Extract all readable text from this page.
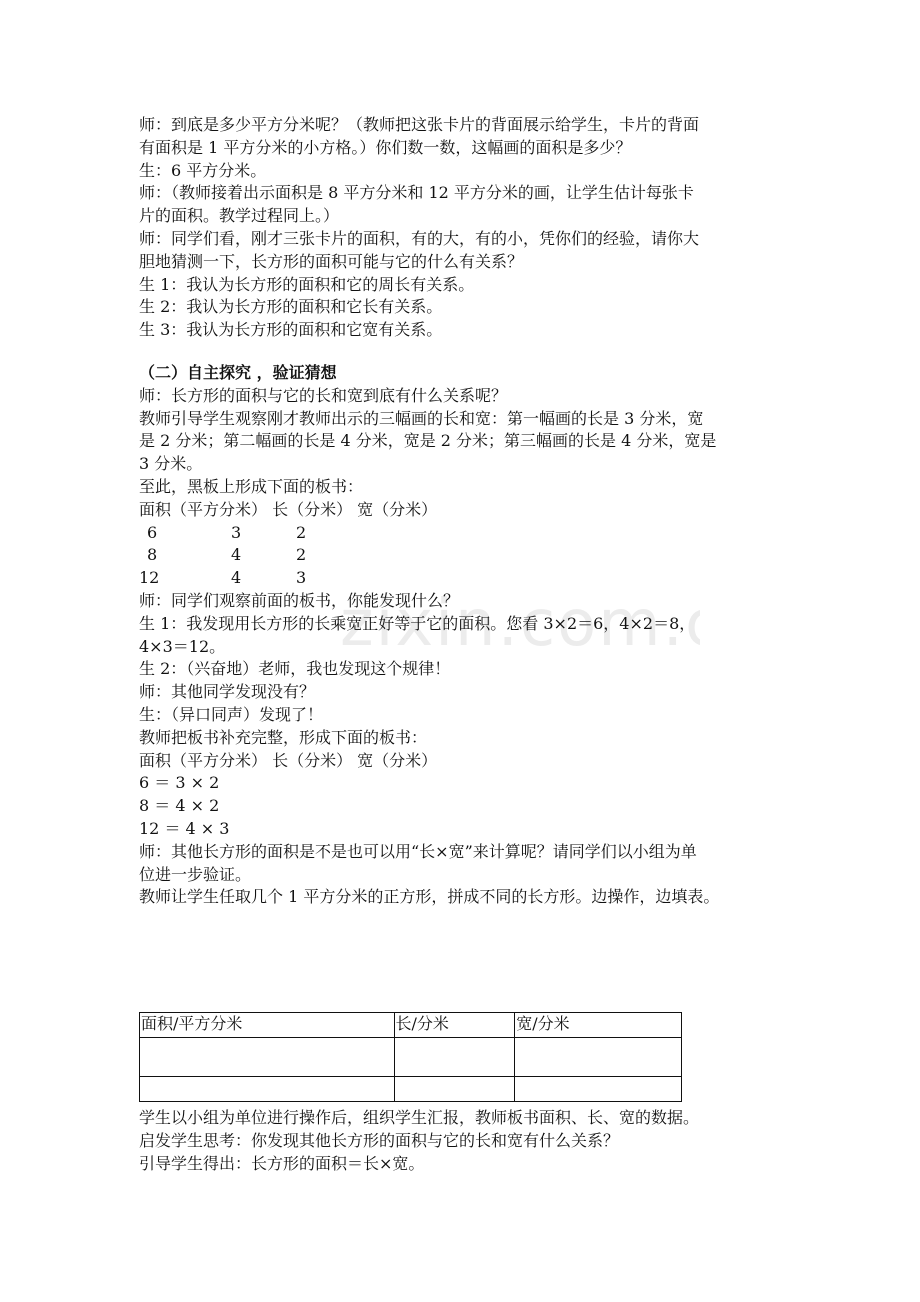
zixin.com.
师：到底是多少平方分米呢？（教师把这张卡片的背面展示给学生，卡片的背面
有面积是 1 平方分米的小方格。）你们数一数，这幅画的面积是多少？
生：6 平方分米。
师：（教师接着出示面积是 8 平方分米和 12 平方分米的画，让学生估计每张卡
片的面积。教学过程同上。）
师：同学们看，刚才三张卡片的面积，有的大，有的小，凭你们的经验，请你大
胆地猜测一下，长方形的面积可能与它的什么有关系？
生 1：我认为长方形的面积和它的周长有关系。
生 2：我认为长方形的面积和它长有关系。
生 3：我认为长方形的面积和它宽有关系。
（二）自主探究 ，验证猜想
师：长方形的面积与它的长和宽到底有什么关系呢？
教师引导学生观察刚才教师出示的三幅画的长和宽：第一幅画的长是 3 分米，宽
是 2 分米；第二幅画的长是 4 分米，宽是 2 分米；第三幅画的长是 4 分米，宽是
3 分米。
至此，黑板上形成下面的板书：
面积（平方分米） 长（分米） 宽（分米）
6	3	2
8	4	2
12	4	3
师：同学们观察前面的板书，你能发现什么？
生 1：我发现用长方形的长乘宽正好等于它的面积。您看 3×2＝6，4×2＝8，
4×3＝12。
生 2：（兴奋地）老师，我也发现这个规律！
师：其他同学发现没有？
生：（异口同声）发现了！
教师把板书补充完整，形成下面的板书：
面积（平方分米） 长（分米） 宽（分米）
6 ＝ 3 × 2
8 ＝ 4 × 2
12 ＝ 4 × 3
师：其他长方形的面积是不是也可以用“长×宽”来计算呢？请同学们以小组为单
位进一步验证。
教师让学生任取几个 1 平方分米的正方形，拼成不同的长方形。边操作，边填表。
面积/平方分米	长/分米	宽/分米

学生以小组为单位进行操作后，组织学生汇报，教师板书面积、长、宽的数据。
启发学生思考：你发现其他长方形的面积与它的长和宽有什么关系？
引导学生得出：长方形的面积＝长×宽。
